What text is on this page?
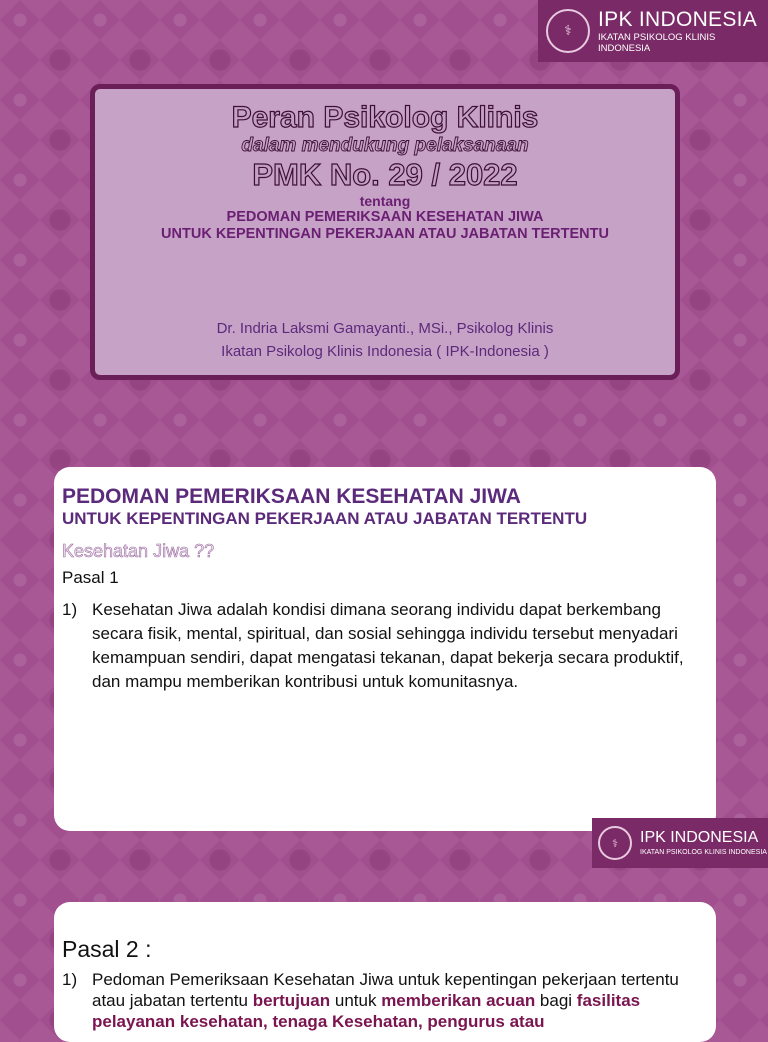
⚕	IPK INDONESIA
IKATAN PSIKOLOG KLINIS INDONESIA
Peran Psikolog Klinis
dalam mendukung pelaksanaan
PMK No. 29 / 2022
tentang
PEDOMAN PEMERIKSAAN KESEHATAN JIWA
UNTUK KEPENTINGAN PEKERJAAN ATAU JABATAN TERTENTU
Dr. Indria Laksmi Gamayanti., MSi., Psikolog Klinis
Ikatan Psikolog Klinis Indonesia ( IPK-Indonesia )
PEDOMAN PEMERIKSAAN KESEHATAN JIWA
UNTUK KEPENTINGAN PEKERJAAN ATAU JABATAN TERTENTU
Kesehatan Jiwa ??
Pasal 1
1) Kesehatan Jiwa adalah kondisi dimana seorang individu dapat berkembang secara fisik, mental, spiritual, dan sosial sehingga individu tersebut menyadari kemampuan sendiri, dapat mengatasi tekanan, dapat bekerja secara produktif, dan mampu memberikan kontribusi untuk komunitasnya.
⚕	IPK INDONESIA
IKATAN PSIKOLOG KLINIS INDONESIA
Pasal 2 :
1) Pedoman Pemeriksaan Kesehatan Jiwa untuk kepentingan pekerjaan tertentu atau jabatan tertentu bertujuan untuk memberikan acuan bagi fasilitas pelayanan kesehatan, tenaga Kesehatan, pengurus atau
